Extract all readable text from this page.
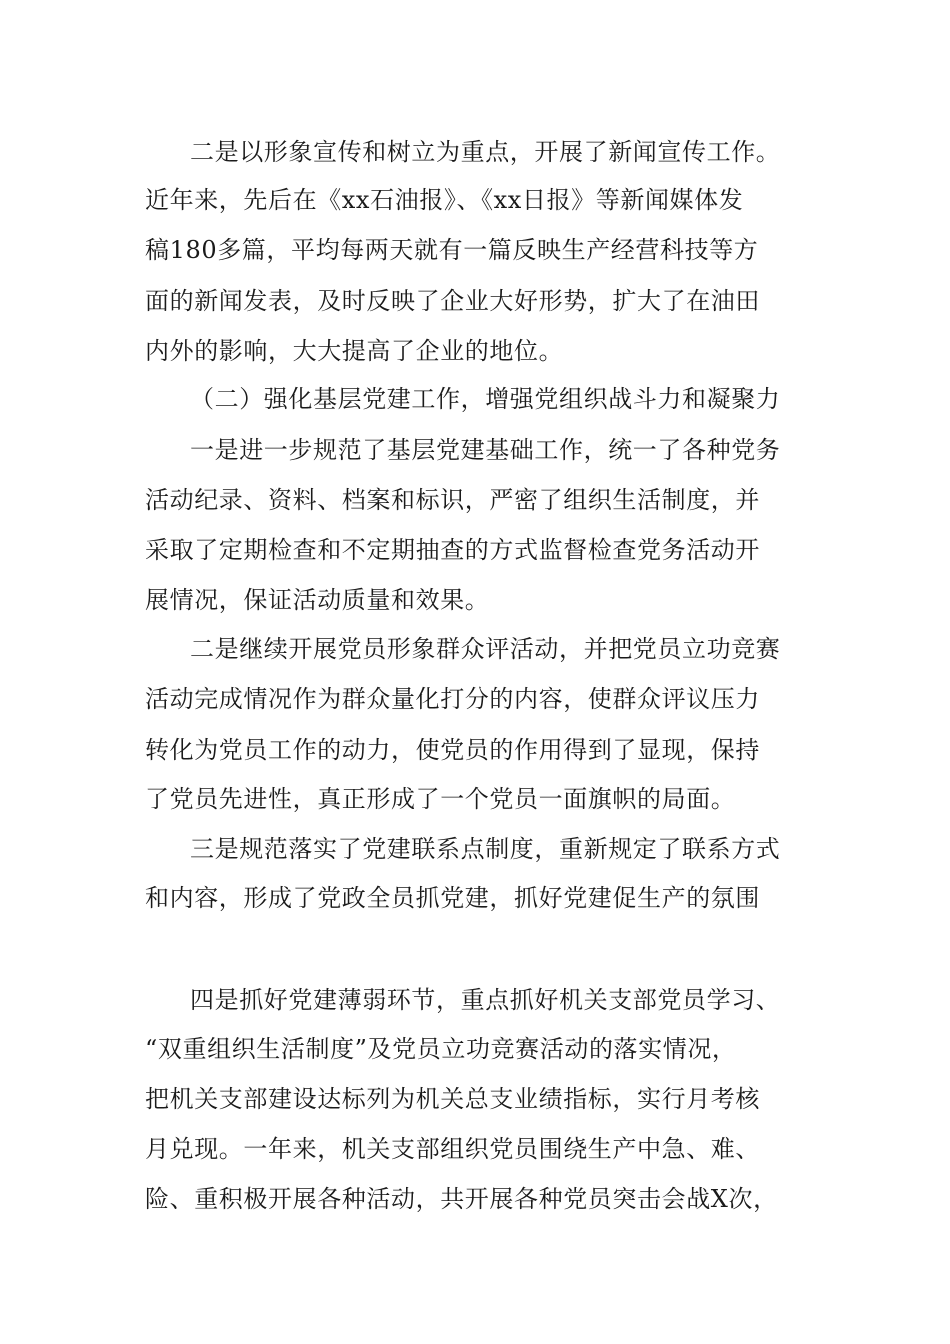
二是以形象宣传和树立为重点，开展了新闻宣传工作。
近年来，先后在《xx石油报》、《xx日报》等新闻媒体发
稿180多篇，平均每两天就有一篇反映生产经营科技等方
面的新闻发表，及时反映了企业大好形势，扩大了在油田
内外的影响，大大提高了企业的地位。
（二）强化基层党建工作，增强党组织战斗力和凝聚力
一是进一步规范了基层党建基础工作，统一了各种党务
活动纪录、资料、档案和标识，严密了组织生活制度，并
采取了定期检查和不定期抽查的方式监督检查党务活动开
展情况，保证活动质量和效果。
二是继续开展党员形象群众评活动，并把党员立功竞赛
活动完成情况作为群众量化打分的内容，使群众评议压力
转化为党员工作的动力，使党员的作用得到了显现，保持
了党员先进性，真正形成了一个党员一面旗帜的局面。
三是规范落实了党建联系点制度，重新规定了联系方式
和内容，形成了党政全员抓党建，抓好党建促生产的氛围
四是抓好党建薄弱环节，重点抓好机关支部党员学习、
“双重组织生活制度”及党员立功竞赛活动的落实情况，
把机关支部建设达标列为机关总支业绩指标，实行月考核
月兑现。一年来，机关支部组织党员围绕生产中急、难、
险、重积极开展各种活动，共开展各种党员突击会战X次，
